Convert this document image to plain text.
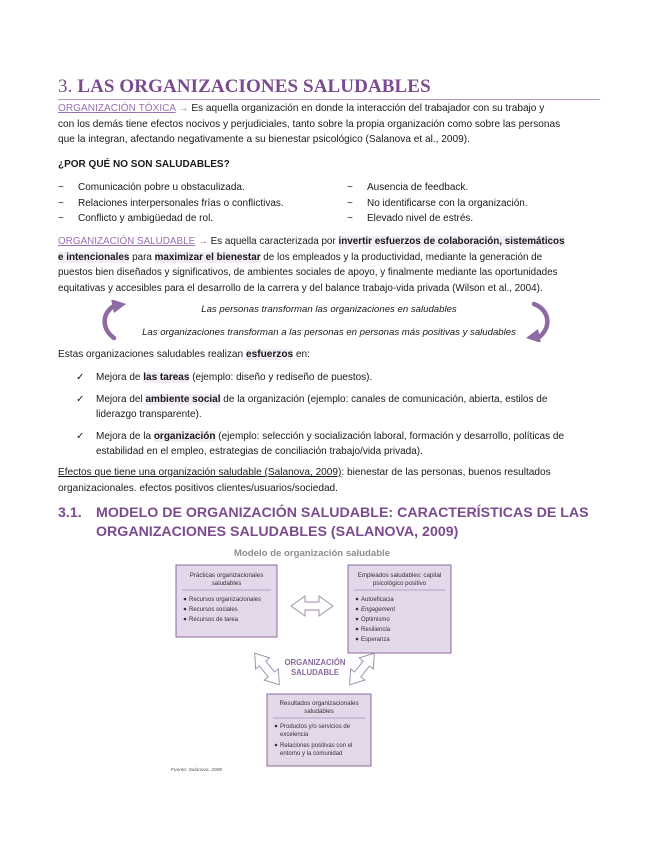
3. LAS ORGANIZACIONES SALUDABLES

ORGANIZACIÓN TÓXICA → Es aquella organización en donde la interacción del trabajador con su trabajo y

con los demás tiene efectos nocivos y perjudiciales, tanto sobre la propia organización como sobre las personas

que la integran, afectando negativamente a su bienestar psicológico (Salanova et al., 2009).

¿POR QUÉ NO SON SALUDABLES?
~ Comunicación pobre u obstaculizada.
~ Relaciones interpersonales frías o conflictivas.
~ Conflicto y ambigüedad de rol.
~ Ausencia de feedback.
~ No identificarse con la organización.
~ Elevado nivel de estrés.

ORGANIZACIÓN SALUDABLE → Es aquella caracterizada por invertir esfuerzos de colaboración, sistemáticos

e intencionales para maximizar el bienestar de los empleados y la productividad, mediante la generación de

puestos bien diseñados y significativos, de ambientes sociales de apoyo, y finalmente mediante las oportunidades

equitativas y accesibles para el desarrollo de la carrera y del balance trabajo-vida privada (Wilson et al., 2004).

Las personas transforman las organizaciones en saludables
Las organizaciones transforman a las personas en personas más positivas y saludables
Estas organizaciones saludables realizan esfuerzos en:
✓ Mejora de las tareas (ejemplo: diseño y rediseño de puestos).
✓ Mejora del ambiente social de la organización (ejemplo: canales de comunicación, abierta, estilos de
liderazgo transparente).
✓ Mejora de la organización (ejemplo: selección y socialización laboral, formación y desarrollo, políticas de
estabilidad en el empleo, estrategias de conciliación trabajo/vida privada).

Efectos que tiene una organización saludable (Salanova, 2009): bienestar de las personas, buenos resultados

organizacionales. efectos positivos clientes/usuarios/sociedad.

3.1. MODELO DE ORGANIZACIÓN SALUDABLE: CARACTERÍSTICAS DE LAS
ORGANIZACIONES SALUDABLES (SALANOVA, 2009)
Modelo de organización saludable
Prácticas organizacionales
saludables
Recursos organizacionales
Recursos sociales
Recursos de tarea
Empleados saludables: capital
psicológico positivo
Autoeficacia
Engagement
Optimismo
Resiliencia
Esperanza
ORGANIZACIÓN
SALUDABLE
Resultados organizacionales
saludables
Productos y/o servicios de
excelencia
Relaciones positivas con el
entorno y la comunidad
Fuente: Salanova, 2008
